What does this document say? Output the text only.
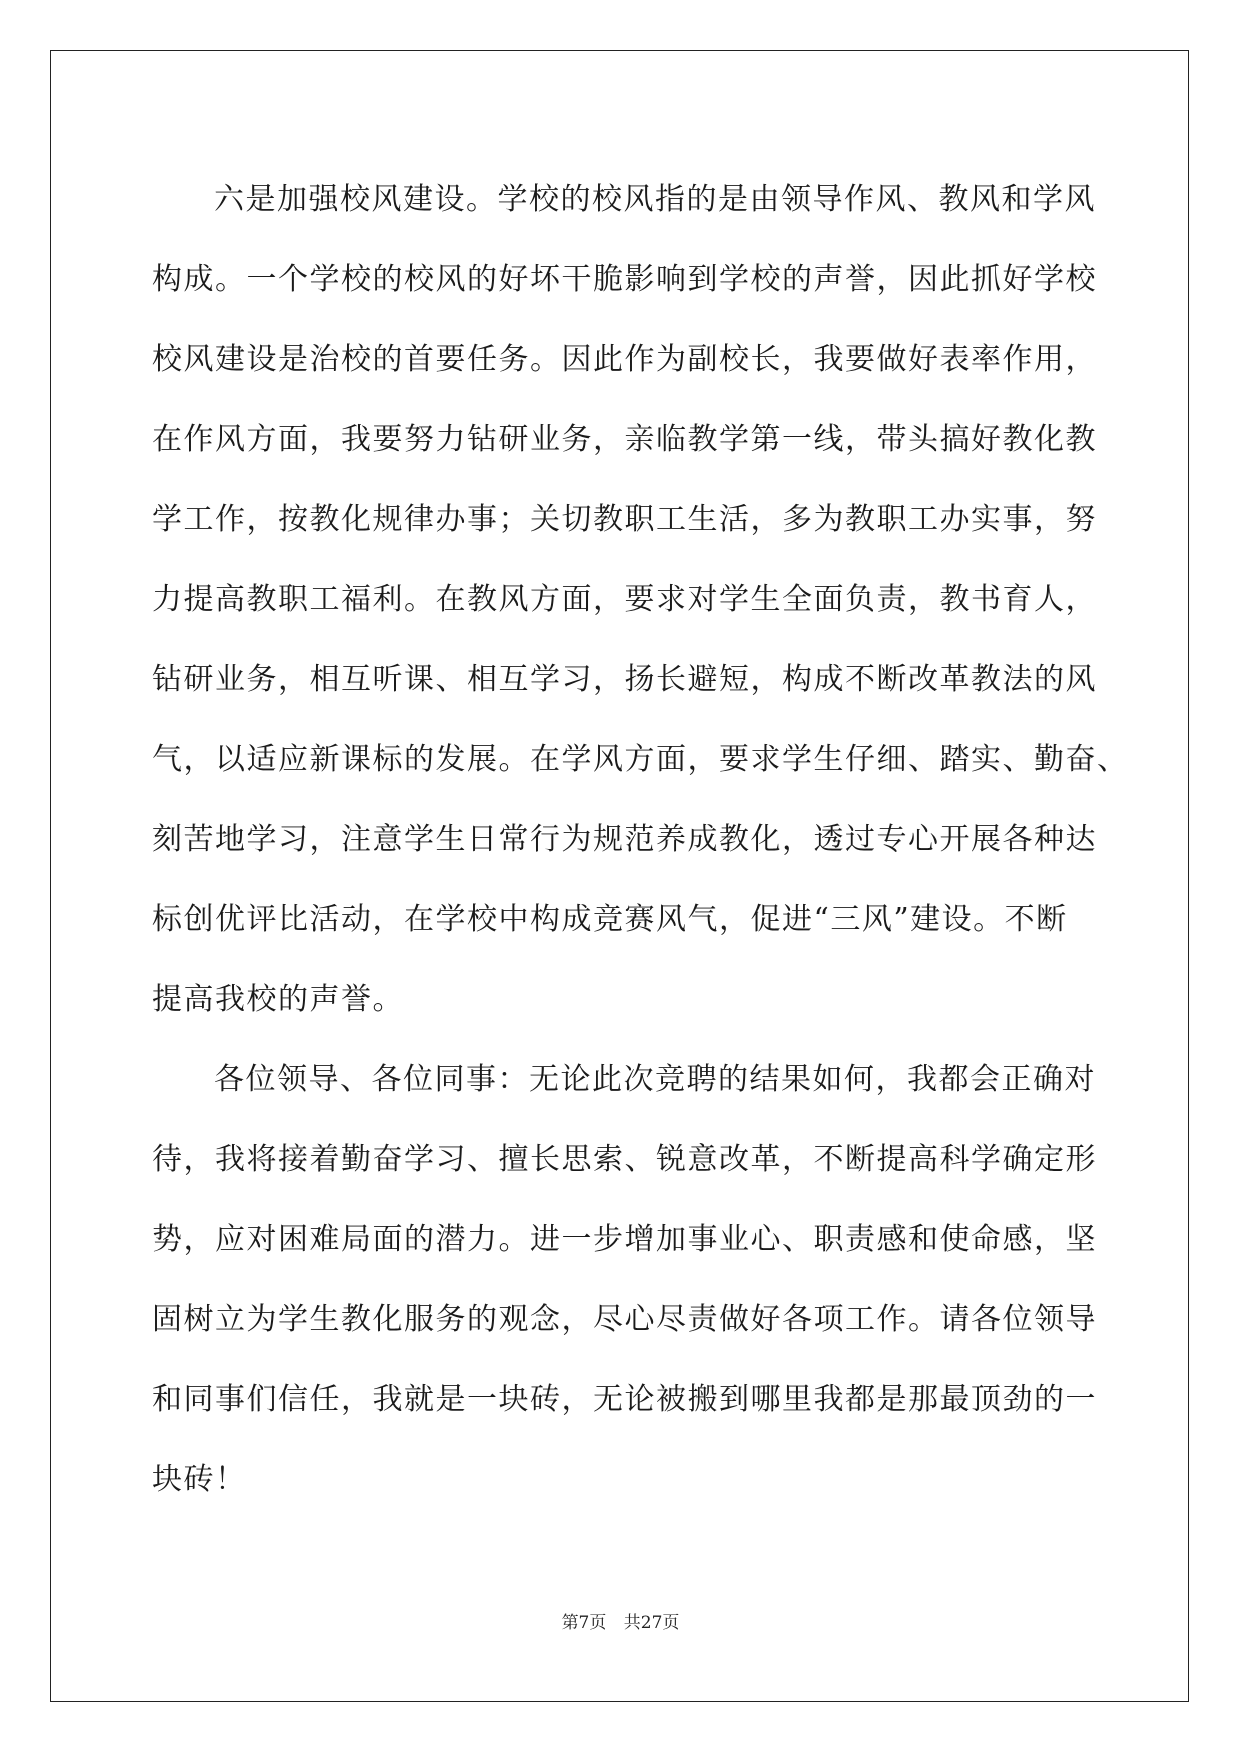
六是加强校风建设。学校的校风指的是由领导作风、教风和学风
构成。一个学校的校风的好坏干脆影响到学校的声誉，因此抓好学校
校风建设是治校的首要任务。因此作为副校长，我要做好表率作用，
在作风方面，我要努力钻研业务，亲临教学第一线，带头搞好教化教
学工作，按教化规律办事；关切教职工生活，多为教职工办实事，努
力提高教职工福利。在教风方面，要求对学生全面负责，教书育人，
钻研业务，相互听课、相互学习，扬长避短，构成不断改革教法的风
气，以适应新课标的发展。在学风方面，要求学生仔细、踏实、勤奋、
刻苦地学习，注意学生日常行为规范养成教化，透过专心开展各种达
标创优评比活动，在学校中构成竞赛风气，促进“三风”建设。不断
提高我校的声誉。
各位领导、各位同事：无论此次竞聘的结果如何，我都会正确对
待，我将接着勤奋学习、擅长思索、锐意改革，不断提高科学确定形
势，应对困难局面的潜力。进一步增加事业心、职责感和使命感，坚
固树立为学生教化服务的观念，尽心尽责做好各项工作。请各位领导
和同事们信任，我就是一块砖，无论被搬到哪里我都是那最顶劲的一
块砖！
第7页 共27页
